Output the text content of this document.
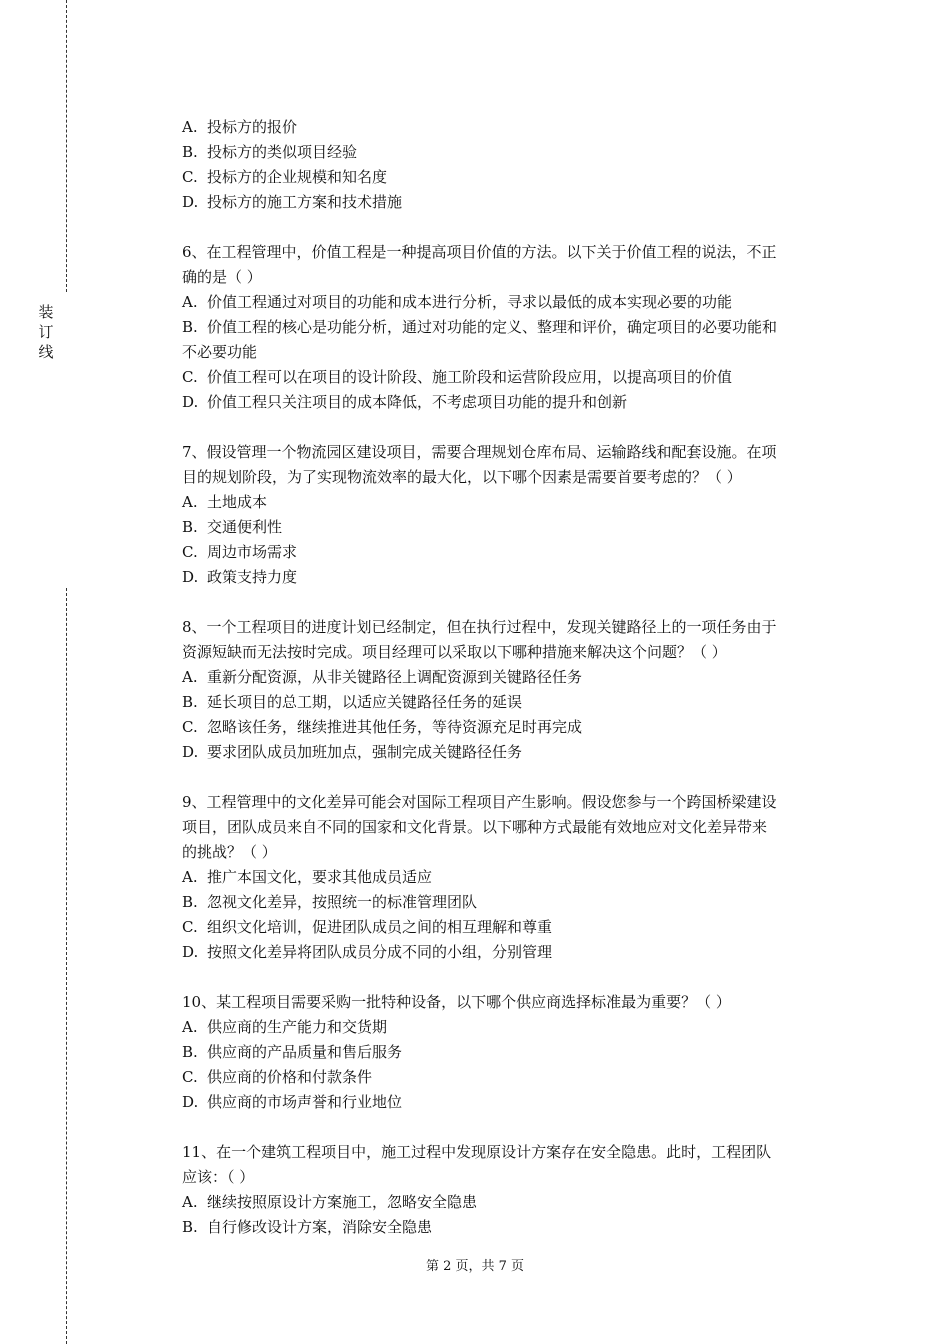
装
订
线
A. 投标方的报价
B. 投标方的类似项目经验
C. 投标方的企业规模和知名度
D. 投标方的施工方案和技术措施
6、在工程管理中，价值工程是一种提高项目价值的方法。以下关于价值工程的说法，不正
确的是（ ）
A. 价值工程通过对项目的功能和成本进行分析，寻求以最低的成本实现必要的功能
B. 价值工程的核心是功能分析，通过对功能的定义、整理和评价，确定项目的必要功能和
不必要功能
C. 价值工程可以在项目的设计阶段、施工阶段和运营阶段应用，以提高项目的价值
D. 价值工程只关注项目的成本降低，不考虑项目功能的提升和创新
7、假设管理一个物流园区建设项目，需要合理规划仓库布局、运输路线和配套设施。在项
目的规划阶段，为了实现物流效率的最大化，以下哪个因素是需要首要考虑的？（ ）
A. 土地成本
B. 交通便利性
C. 周边市场需求
D. 政策支持力度
8、一个工程项目的进度计划已经制定，但在执行过程中，发现关键路径上的一项任务由于
资源短缺而无法按时完成。项目经理可以采取以下哪种措施来解决这个问题？（ ）
A. 重新分配资源，从非关键路径上调配资源到关键路径任务
B. 延长项目的总工期，以适应关键路径任务的延误
C. 忽略该任务，继续推进其他任务，等待资源充足时再完成
D. 要求团队成员加班加点，强制完成关键路径任务
9、工程管理中的文化差异可能会对国际工程项目产生影响。假设您参与一个跨国桥梁建设
项目，团队成员来自不同的国家和文化背景。以下哪种方式最能有效地应对文化差异带来
的挑战？（ ）
A. 推广本国文化，要求其他成员适应
B. 忽视文化差异，按照统一的标准管理团队
C. 组织文化培训，促进团队成员之间的相互理解和尊重
D. 按照文化差异将团队成员分成不同的小组，分别管理
10、某工程项目需要采购一批特种设备，以下哪个供应商选择标准最为重要？（ ）
A. 供应商的生产能力和交货期
B. 供应商的产品质量和售后服务
C. 供应商的价格和付款条件
D. 供应商的市场声誉和行业地位
11、在一个建筑工程项目中，施工过程中发现原设计方案存在安全隐患。此时，工程团队
应该：（ ）
A. 继续按照原设计方案施工，忽略安全隐患
B. 自行修改设计方案，消除安全隐患
第 2 页，共 7 页
